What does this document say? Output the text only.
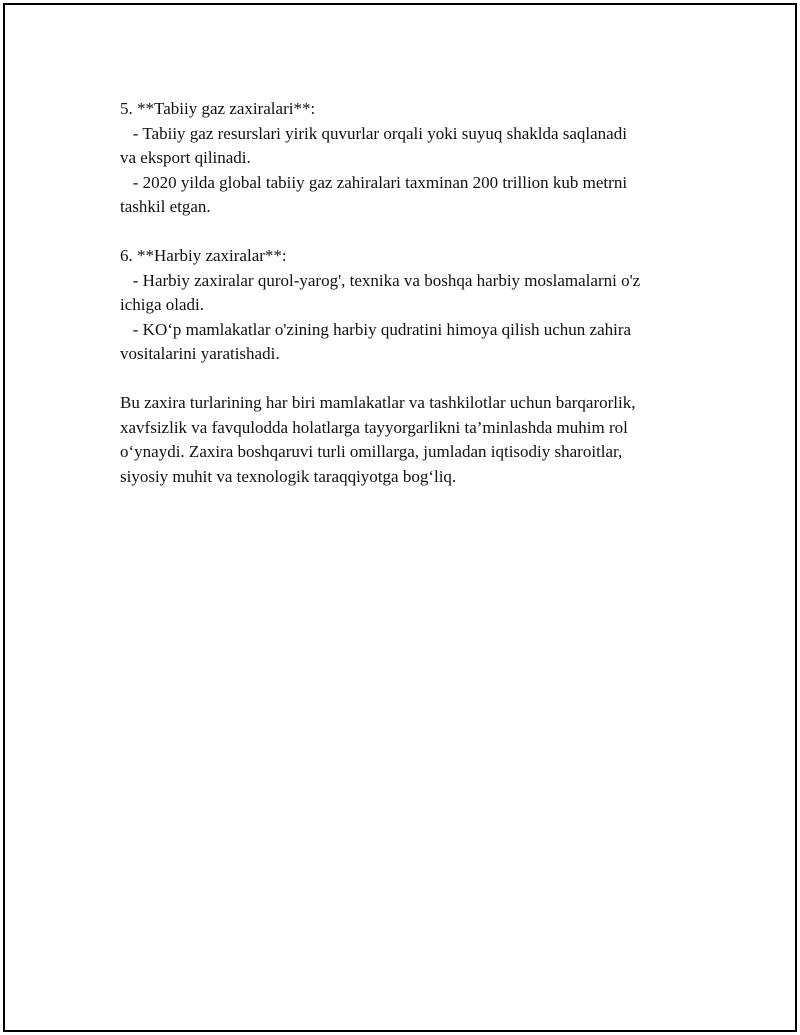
5. **Tabiiy gaz zaxiralari**:
- Tabiiy gaz resurslari yirik quvurlar orqali yoki suyuq shaklda saqlanadi
va eksport qilinadi.
- 2020 yilda global tabiiy gaz zahiralari taxminan 200 trillion kub metrni
tashkil etgan.
6. **Harbiy zaxiralar**:
- Harbiy zaxiralar qurol-yarog', texnika va boshqa harbiy moslamalarni o'z
ichiga oladi.
- KO‘p mamlakatlar o'zining harbiy qudratini himoya qilish uchun zahira
vositalarini yaratishadi.
Bu zaxira turlarining har biri mamlakatlar va tashkilotlar uchun barqarorlik,
xavfsizlik va favqulodda holatlarga tayyorgarlikni ta’minlashda muhim rol
o‘ynaydi. Zaxira boshqaruvi turli omillarga, jumladan iqtisodiy sharoitlar,
siyosiy muhit va texnologik taraqqiyotga bog‘liq.
